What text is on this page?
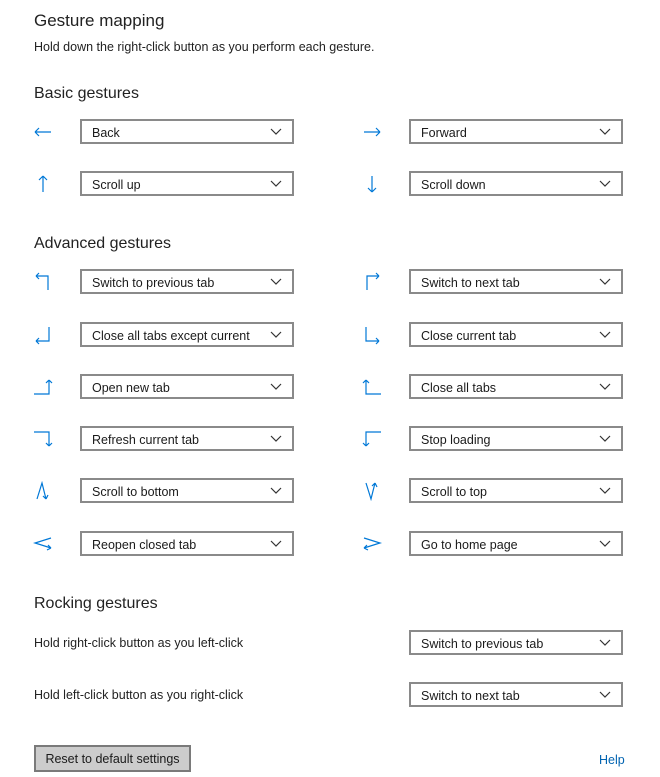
Gesture mapping
Hold down the right-click button as you perform each gesture.
Basic gestures
Back	Forward
Scroll up	Scroll down
Advanced gestures
Switch to previous tab	Switch to next tab
Close all tabs except current	Close current tab
Open new tab	Close all tabs
Refresh current tab	Stop loading
Scroll to bottom	Scroll to top
Reopen closed tab	Go to home page
Rocking gestures
Hold right-click button as you left-click	Switch to previous tab
Hold left-click button as you right-click	Switch to next tab
Reset to default settings	Help
